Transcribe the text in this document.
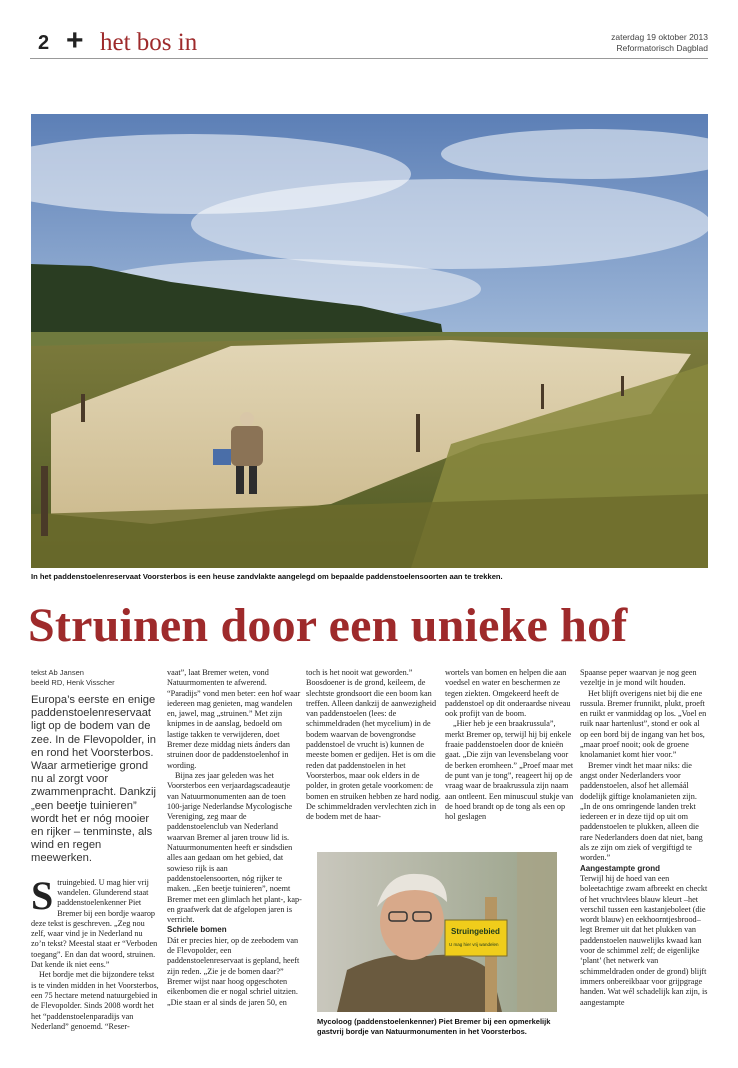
2 + het bos in	zaterdag 19 oktober 2013
Reformatorisch Dagblad
In het paddenstoelenreservaat Voorsterbos is een heuse zandvlakte aangelegd om bepaalde paddenstoelensoorten aan te trekken.
Struinen door een unieke hof
tekst Ab Jansen
beeld RD, Henk Visscher
Europa’s eerste en enige paddenstoelenreservaat ligt op de bodem van de zee. In de Flevopolder, in en rond het Voorsterbos. Waar armetierige grond nu al zorgt voor zwammenpracht. Dankzij „een beetje tuinieren” wordt het er nóg mooier en rijker – tenminste, als wind en regen meewerken.
S truingebied. U mag hier vrij wandelen. Glunderend staat paddenstoelenkenner Piet Bremer bij een bordje waarop deze tekst is geschreven. „Zeg nou zelf, waar vind je in Nederland nu zo’n tekst? Meestal staat er “Verboden toegang”. En dan dat woord, struinen. Dat kende ik niet eens.”

Het bordje met die bijzondere tekst is te vinden midden in het Voorsterbos, een 75 hectare metend natuurgebied in de Flevopolder. Sinds 2008 wordt het het “paddenstoelenparadijs van Nederland” genoemd. “Reser-

vaat”, laat Bremer weten, vond Natuurmomenten te afwerend. “Paradijs” vond men beter: een hof waar iedereen mag genieten, mag wandelen en, jawel, mag „struinen.” Met zijn knipmes in de aanslag, bedoeld om lastige takken te verwijderen, doet Bremer deze middag niets ánders dan struinen door de paddenstoelenhof in wording.

Bijna zes jaar geleden was het Voorsterbos een verjaardagscadeautje van Natuurmonumenten aan de toen 100-jarige Nederlandse Mycologische Vereniging, zeg maar de paddenstoelenclub van Nederland waarvan Bremer al jaren trouw lid is. Natuurmonumenten heeft er sindsdien alles aan gedaan om het gebied, dat sowieso rijk is aan paddenstoelensoorten, nóg rijker te maken. „Een beetje tuinieren”, noemt Bremer met een glimlach het plant-, kap- en graafwerk dat de afgelopen jaren is verricht.

Schriele bomen

Dát er precies hier, op de zeebodem van de Flevopolder, een paddenstoelenreservaat is gepland, heeft zijn reden. „Zie je de bomen daar?” Bremer wijst naar hoog opgeschoten eikenbomen die er nogal schriel uitzien. „Die staan er al sinds de jaren 50, en

toch is het nooit wat geworden.” Boosdoener is de grond, keileem, de slechtste grondsoort die een boom kan treffen. Alleen dankzij de aanwezigheid van paddenstoelen (lees: de schimmeldraden (het mycelium) in de bodem waarvan de bovengrondse paddenstoel de vrucht is) kunnen de meeste bomen er gedijen. Het is om die reden dat paddenstoelen in het Voorsterbos, maar ook elders in de polder, in groten getale voorkomen: de bomen en struiken hebben ze hard nodig. De schimmeldraden vervlechten zich in de bodem met de haar-

wortels van bomen en helpen die aan voedsel en water en beschermen ze tegen ziekten. Omgekeerd heeft de paddenstoel op dit onderaardse niveau ook profijt van de boom.

„Hier heb je een braakrussula”, merkt Bremer op, terwijl hij bij enkele fraaie paddenstoelen door de knieën gaat. „Die zijn van levensbelang voor de berken eromheen.” „Proef maar met de punt van je tong”, reageert hij op de vraag waar de braakrussula zijn naam aan ontleent. Een minuscuul stukje van de hoed brandt op de tong als een op hol geslagen

Spaanse peper waarvan je nog geen vezeltje in je mond wilt houden.

Het blijft overigens niet bij die ene russula. Bremer frunnikt, plukt, proeft en ruikt er vanmiddag op los. „Voel en ruik naar hartenlust”, stond er ook al op een bord bij de ingang van het bos, „maar proef nooit; ook de groene knolamaniet komt hier voor.”

Bremer vindt het maar niks: die angst onder Nederlanders voor paddenstoelen, alsof het allemáál dodelijk giftige knolamanieten zijn. „In de ons omringende landen trekt iedereen er in deze tijd op uit om paddenstoelen te plukken, alleen die rare Nederlanders doen dat niet, bang als ze zijn om ziek of vergiftigd te worden.”

Aangestampte grond

Terwijl hij de hoed van een boleetachtige zwam afbreekt en checkt of het vruchtvlees blauw kleurt –het verschil tussen een kastanjeboleet (die wordt blauw) en eekhoorntjesbrood– legt Bremer uit dat het plukken van paddenstoelen nauwelijks kwaad kan voor de schimmel zelf; de eigenlijke ‘plant’ (het netwerk van schimmeldraden onder de grond) blijft immers onbereikbaar voor grijpgrage handen. Wat wél schadelijk kan zijn, is aangestampte

Struingebied
U mag hier vrij wandelen
Mycoloog (paddenstoelenkenner) Piet Bremer bij een opmerkelijk gastvrij bordje van Natuurmonumenten in het Voorsterbos.
